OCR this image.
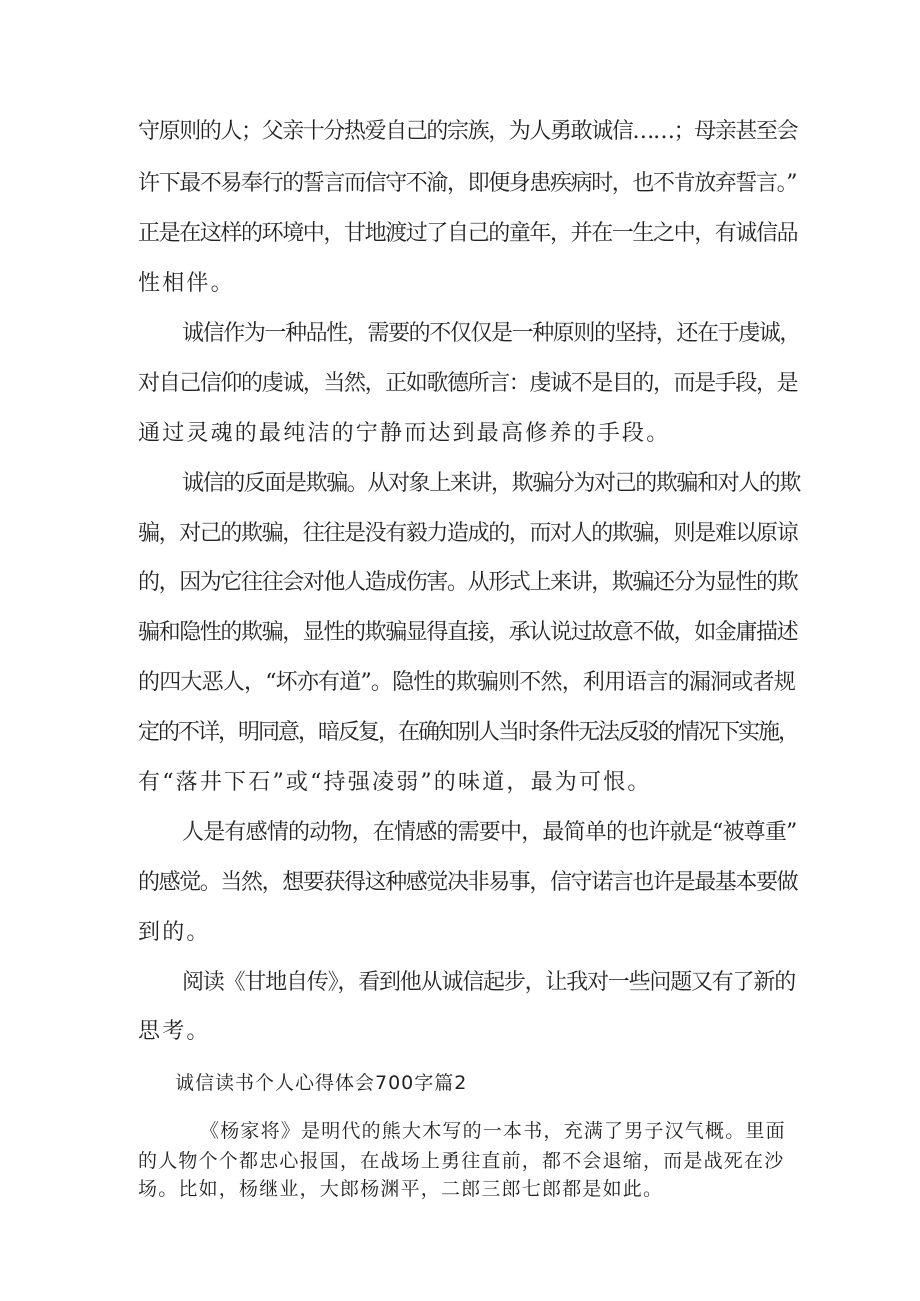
守原则的人；父亲十分热爱自己的宗族，为人勇敢诚信……；母亲甚至会
许下最不易奉行的誓言而信守不渝，即便身患疾病时，也不肯放弃誓言。”
正是在这样的环境中，甘地渡过了自己的童年，并在一生之中，有诚信品
性相伴。
诚信作为一种品性，需要的不仅仅是一种原则的坚持，还在于虔诚，
对自己信仰的虔诚，当然，正如歌德所言：虔诚不是目的，而是手段，是
通过灵魂的最纯洁的宁静而达到最高修养的手段。
诚信的反面是欺骗。从对象上来讲，欺骗分为对己的欺骗和对人的欺
骗，对己的欺骗，往往是没有毅力造成的，而对人的欺骗，则是难以原谅
的，因为它往往会对他人造成伤害。从形式上来讲，欺骗还分为显性的欺
骗和隐性的欺骗，显性的欺骗显得直接，承认说过故意不做，如金庸描述
的四大恶人，“坏亦有道”。隐性的欺骗则不然，利用语言的漏洞或者规
定的不详，明同意，暗反复，在确知别人当时条件无法反驳的情况下实施，
有“落井下石”或“持强凌弱”的味道，最为可恨。
人是有感情的动物，在情感的需要中，最简单的也许就是“被尊重”
的感觉。当然，想要获得这种感觉决非易事，信守诺言也许是最基本要做
到的。
阅读《甘地自传》，看到他从诚信起步，让我对一些问题又有了新的
思考。
诚信读书个人心得体会700字篇2
《杨家将》是明代的熊大木写的一本书，充满了男子汉气概。里面
的人物个个都忠心报国，在战场上勇往直前，都不会退缩，而是战死在沙
场。比如，杨继业，大郎杨渊平，二郎三郎七郎都是如此。
